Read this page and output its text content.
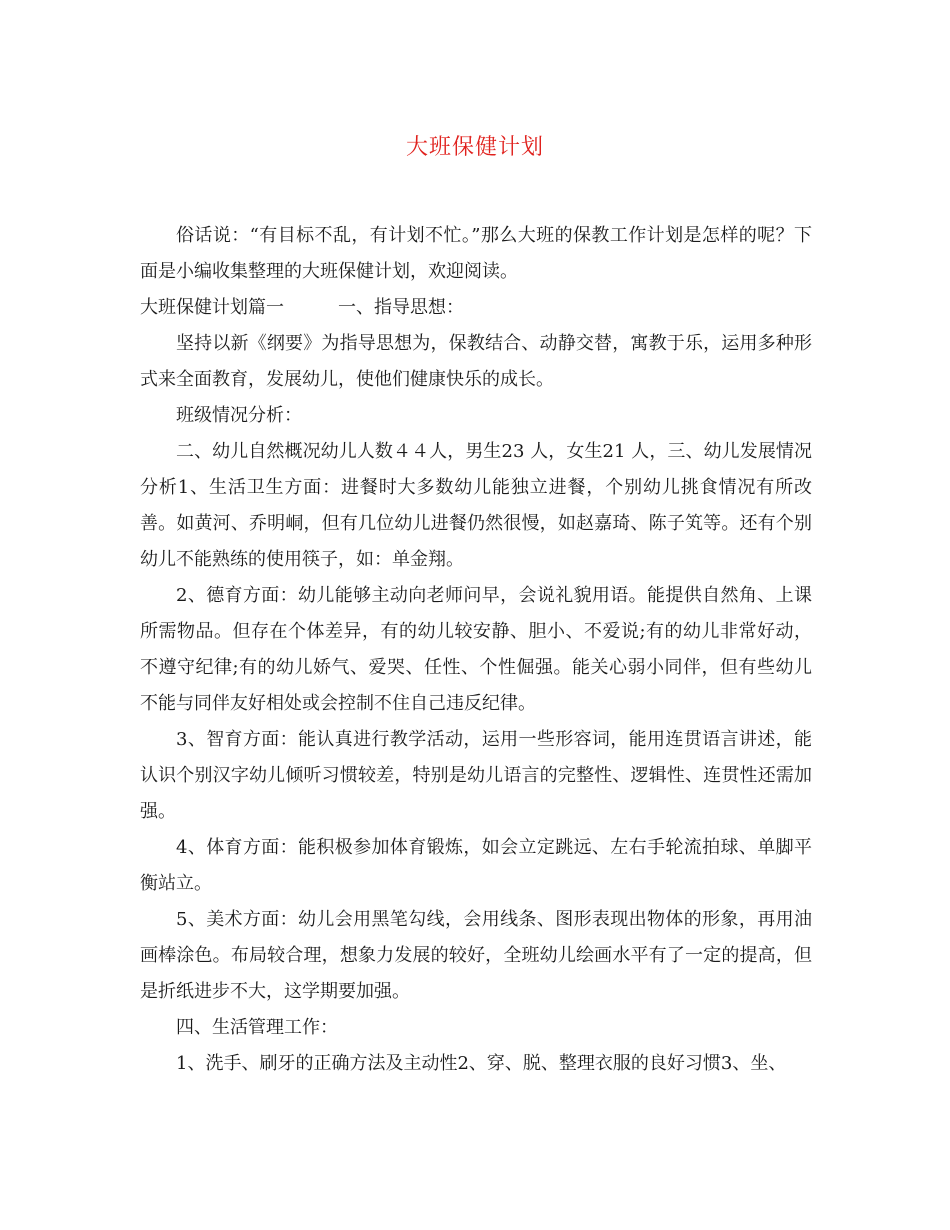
大班保健计划

俗话说：“有目标不乱，有计划不忙。”那么大班的保教工作计划是怎样的呢？下面是小编收集整理的大班保健计划，欢迎阅读。

大班保健计划篇一	一、指导思想：

坚持以新《纲要》为指导思想为，保教结合、动静交替，寓教于乐，运用多种形式来全面教育，发展幼儿，使他们健康快乐的成长。

班级情况分析：

二、幼儿自然概况幼儿人数４４人，男生23 人，女生21 人，三、幼儿发展情况分析1、生活卫生方面：进餐时大多数幼儿能独立进餐，个别幼儿挑食情况有所改善。如黄河、乔明峒，但有几位幼儿进餐仍然很慢，如赵嘉琦、陈子笂等。还有个别幼儿不能熟练的使用筷子，如：单金翔。

2、德育方面：幼儿能够主动向老师问早，会说礼貌用语。能提供自然角、上课所需物品。但存在个体差异，有的幼儿较安静、胆小、不爱说;有的幼儿非常好动，不遵守纪律;有的幼儿娇气、爱哭、任性、个性倔强。能关心弱小同伴，但有些幼儿不能与同伴友好相处或会控制不住自己违反纪律。

3、智育方面：能认真进行教学活动，运用一些形容词，能用连贯语言讲述，能认识个别汉字幼儿倾听习惯较差，特别是幼儿语言的完整性、逻辑性、连贯性还需加强。

4、体育方面：能积极参加体育锻炼，如会立定跳远、左右手轮流拍球、单脚平衡站立。

5、美术方面：幼儿会用黑笔勾线，会用线条、图形表现出物体的形象，再用油画棒涂色。布局较合理，想象力发展的较好，全班幼儿绘画水平有了一定的提高，但是折纸进步不大，这学期要加强。

四、生活管理工作：

1、洗手、刷牙的正确方法及主动性2、穿、脱、整理衣服的良好习惯3、坐、
